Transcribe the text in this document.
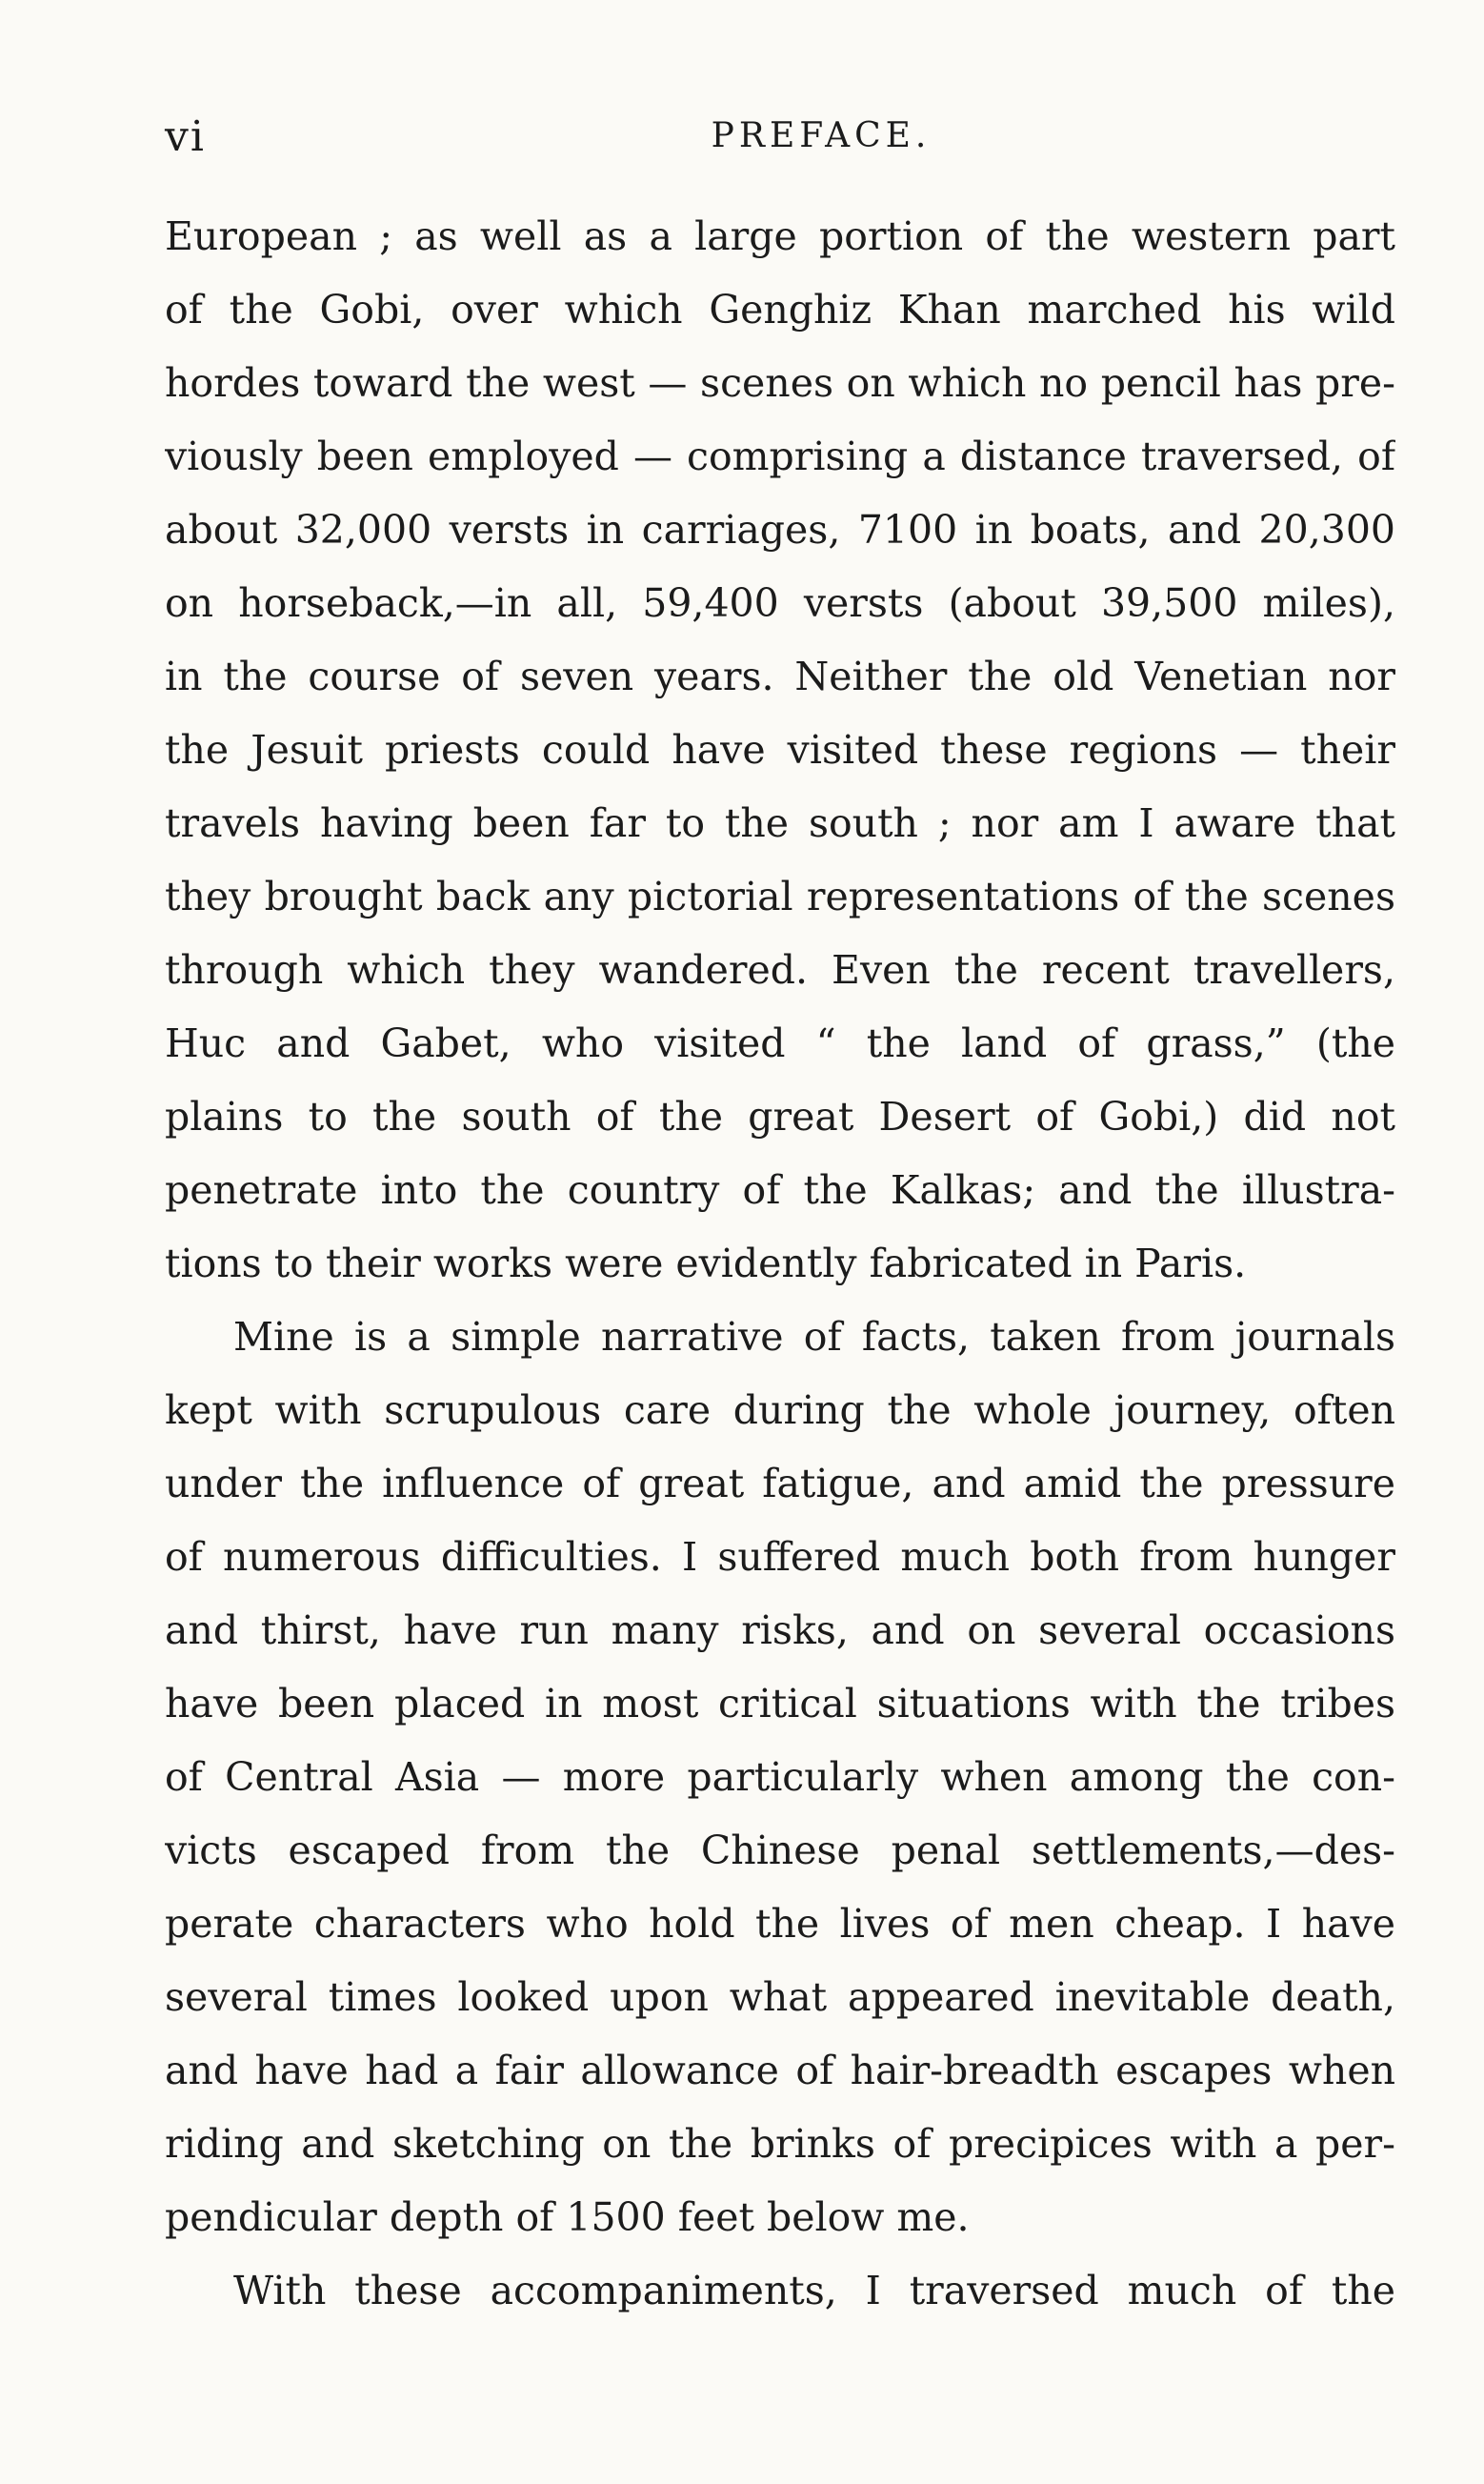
vi	PREFACE.
European ; as well as a large portion of the western part
of the Gobi, over which Genghiz Khan marched his wild
hordes toward the west — scenes on which no pencil has pre-
viously been employed — comprising a distance traversed, of
about 32,000 versts in carriages, 7100 in boats, and 20,300
on horseback,—in all, 59,400 versts (about 39,500 miles),
in the course of seven years. Neither the old Venetian nor
the Jesuit priests could have visited these regions — their
travels having been far to the south ; nor am I aware that
they brought back any pictorial representations of the scenes
through which they wandered. Even the recent travellers,
Huc and Gabet, who visited “ the land of grass,” (the
plains to the south of the great Desert of Gobi,) did not
penetrate into the country of the Kalkas; and the illustra-
tions to their works were evidently fabricated in Paris.
Mine is a simple narrative of facts, taken from journals
kept with scrupulous care during the whole journey, often
under the influence of great fatigue, and amid the pressure
of numerous difficulties. I suffered much both from hunger
and thirst, have run many risks, and on several occasions
have been placed in most critical situations with the tribes
of Central Asia — more particularly when among the con-
victs escaped from the Chinese penal settlements,—des-
perate characters who hold the lives of men cheap. I have
several times looked upon what appeared inevitable death,
and have had a fair allowance of hair-breadth escapes when
riding and sketching on the brinks of precipices with a per-
pendicular depth of 1500 feet below me.
With these accompaniments, I traversed much of the
